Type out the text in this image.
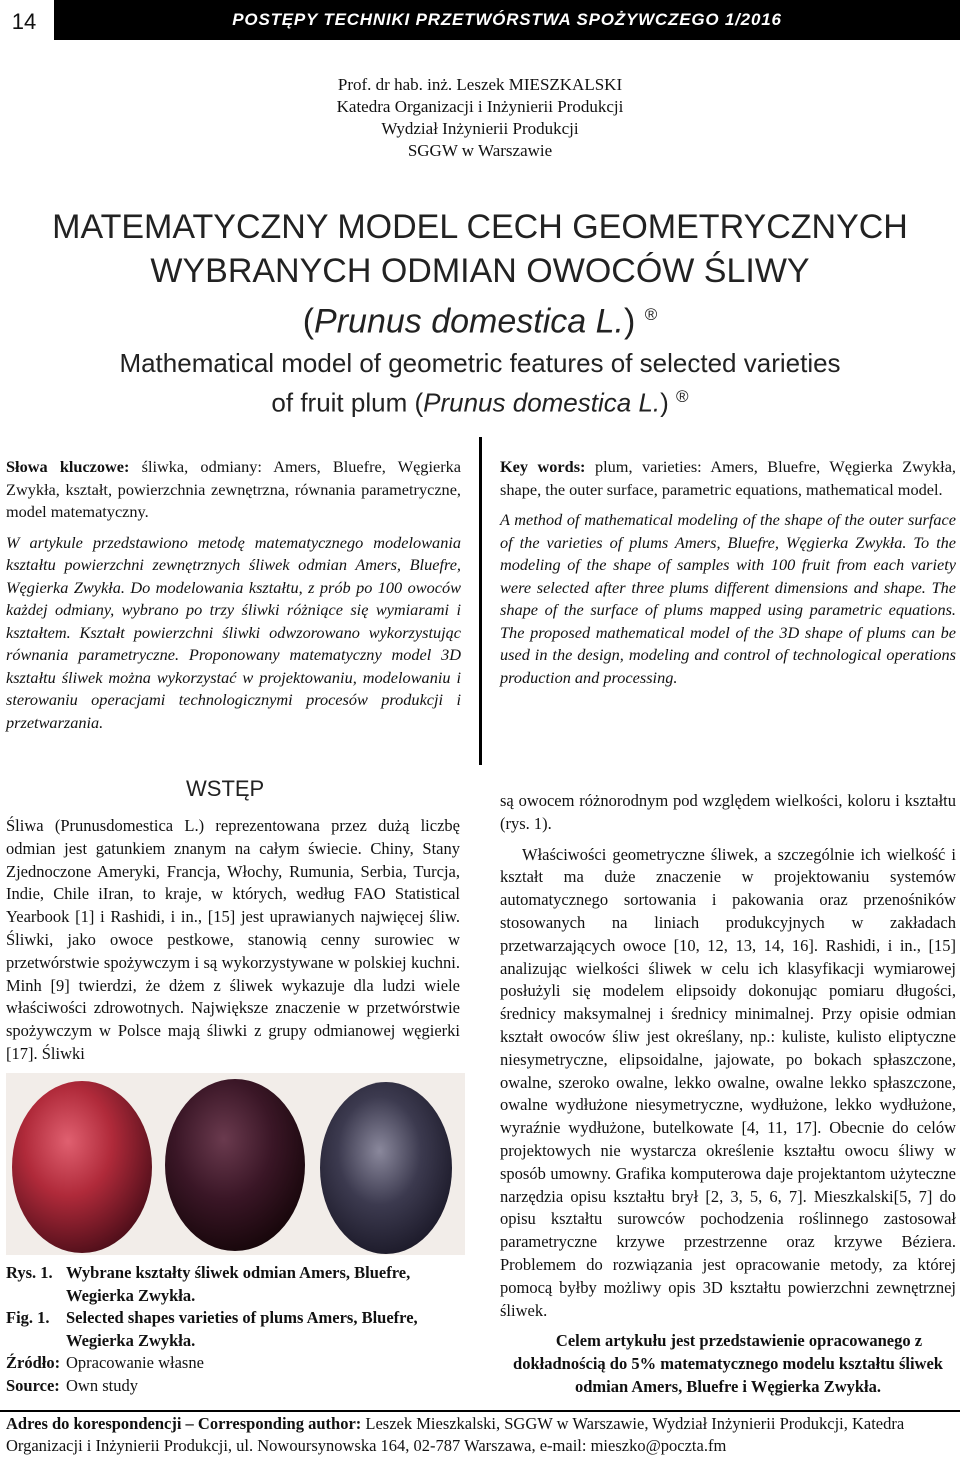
14	POSTĘPY TECHNIKI PRZETWÓRSTWA SPOŻYWCZEGO 1/2016
Prof. dr hab. inż. Leszek MIESZKALSKI
Katedra Organizacji i Inżynierii Produkcji
Wydział Inżynierii Produkcji
SGGW w Warszawie
MATEMATYCZNY MODEL CECH GEOMETRYCZNYCH
WYBRANYCH ODMIAN OWOCÓW ŚLIWY
(Prunus domestica L.) ®
Mathematical model of geometric features of selected varieties
of fruit plum (Prunus domestica L.) ®

Słowa kluczowe: śliwka, odmiany: Amers, Bluefre, Węgierka Zwykła, kształt, powierzchnia zewnętrzna, równania parametryczne, model matematyczny.

W artykule przedstawiono metodę matematycznego modelowania kształtu powierzchni zewnętrznych śliwek odmian Amers, Bluefre, Węgierka Zwykła. Do modelowania kształtu, z prób po 100 owoców każdej odmiany, wybrano po trzy śliwki różniące się wymiarami i kształtem. Kształt powierzchni śliwki odwzorowano wykorzystując równania parametryczne. Proponowany matematyczny model 3D kształtu śliwek można wykorzystać w projektowaniu, modelowaniu i sterowaniu operacjami technologicznymi procesów produkcji i przetwarzania.

Key words: plum, varieties: Amers, Bluefre, Węgierka Zwykła, shape, the outer surface, parametric equations, mathematical model.

A method of mathematical modeling of the shape of the outer surface of the varieties of plums Amers, Bluefre, Węgierka Zwykła. To the modeling of the shape of samples with 100 fruit from each variety were selected after three plums different dimensions and shape. The shape of the surface of plums mapped using parametric equations. The proposed mathematical model of the 3D shape of plums can be used in the design, modeling and control of technological operations production and processing.

WSTĘP

Śliwa (Prunusdomestica L.) reprezentowana przez dużą liczbę odmian jest gatunkiem znanym na całym świecie. Chiny, Stany Zjednoczone Ameryki, Francja, Włochy, Rumunia, Serbia, Turcja, Indie, Chile iIran, to kraje, w których, według FAO Statistical Yearbook [1] i Rashidi, i in., [15] jest uprawianych najwięcej śliw. Śliwki, jako owoce pestkowe, stanowią cenny surowiec w przetwórstwie spożywczym i są wykorzystywane w polskiej kuchni. Minh [9] twierdzi, że dżem z śliwek wykazuje dla ludzi wiele właściwości zdrowotnych. Największe znaczenie w przetwórstwie spożywczym w Polsce mają śliwki z grupy odmianowej węgierki [17]. Śliwki

Rys. 1. Wybrane kształty śliwek odmian Amers, Bluefre, Wegierka Zwykła.
Fig. 1. Selected shapes varieties of plums Amers, Bluefre, Wegierka Zwykła.
Źródło: Opracowanie własne
Source: Own study

są owocem różnorodnym pod względem wielkości, koloru i kształtu (rys. 1).

Właściwości geometryczne śliwek, a szczególnie ich wielkość i kształt ma duże znaczenie w projektowaniu systemów automatycznego sortowania i pakowania oraz przenośników stosowanych na liniach produkcyjnych w zakładach przetwarzających owoce [10, 12, 13, 14, 16]. Rashidi, i in., [15] analizując wielkości śliwek w celu ich klasyfikacji wymiarowej posłużyli się modelem elipsoidy dokonując pomiaru długości, średnicy maksymalnej i średnicy minimalnej. Przy opisie odmian kształt owoców śliw jest określany, np.: kuliste, kulisto eliptyczne niesymetryczne, elipsoidalne, jajowate, po bokach spłaszczone, owalne, szeroko owalne, lekko owalne, owalne lekko spłaszczone, owalne wydłużone niesymetryczne, wydłużone, lekko wydłużone, wyraźnie wydłużone, butelkowate [4, 11, 17]. Obecnie do celów projektowych nie wystarcza określenie kształtu owocu śliwy w sposób umowny. Grafika komputerowa daje projektantom użyteczne narzędzia opisu kształtu brył [2, 3, 5, 6, 7]. Mieszkalski[5, 7] do opisu kształtu surowców pochodzenia roślinnego zastosował parametryczne krzywe przestrzenne oraz krzywe Béziera. Problemem do rozwiązania jest opracowanie metody, za której pomocą byłby możliwy opis 3D kształtu powierzchni zewnętrznej śliwek.

Celem artykułu jest przedstawienie opracowanego z dokładnością do 5% matematycznego modelu kształtu śliwek odmian Amers, Bluefre i Węgierka Zwykła.

Adres do korespondencji – Corresponding author: Leszek Mieszkalski, SGGW w Warszawie, Wydział Inżynierii Produkcji, Katedra Organizacji i Inżynierii Produkcji, ul. Nowoursynowska 164, 02-787 Warszawa, e-mail: mieszko@poczta.fm
